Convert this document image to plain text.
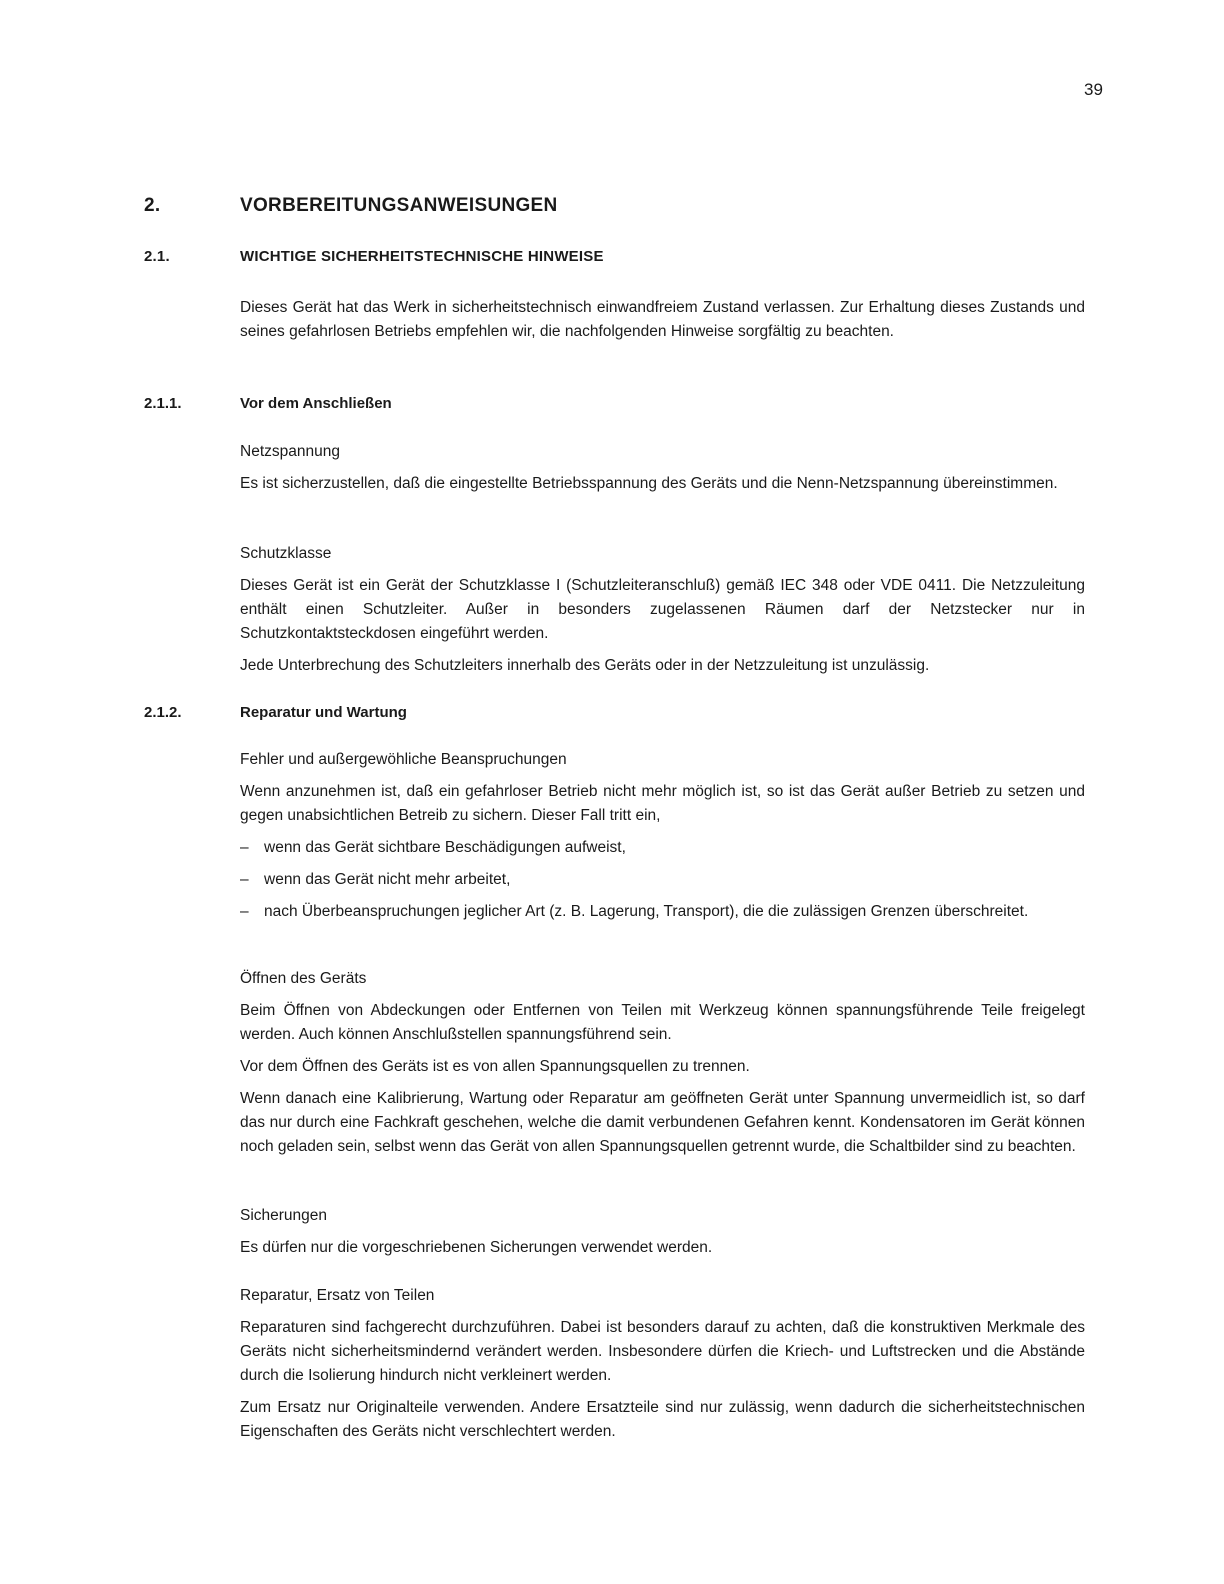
39
2.	VORBEREITUNGSANWEISUNGEN
2.1.	WICHTIGE SICHERHEITSTECHNISCHE HINWEISE

Dieses Gerät hat das Werk in sicherheitstechnisch einwandfreiem Zustand verlassen. Zur Erhaltung dieses Zustands und seines gefahrlosen Betriebs empfehlen wir, die nachfolgenden Hinweise sorgfältig zu beachten.

2.1.1.	Vor dem Anschließen

Netzspannung

Es ist sicherzustellen, daß die eingestellte Betriebsspannung des Geräts und die Nenn-Netzspannung übereinstimmen.

Schutzklasse

Dieses Gerät ist ein Gerät der Schutzklasse I (Schutzleiteranschluß) gemäß IEC 348 oder VDE 0411. Die Netzzuleitung enthält einen Schutzleiter. Außer in besonders zugelassenen Räumen darf der Netzstecker nur in Schutzkontaktsteckdosen eingeführt werden.

Jede Unterbrechung des Schutzleiters innerhalb des Geräts oder in der Netzzuleitung ist unzulässig.

2.1.2.	Reparatur und Wartung

Fehler und außergewöhliche Beanspruchungen

Wenn anzunehmen ist, daß ein gefahrloser Betrieb nicht mehr möglich ist, so ist das Gerät außer Betrieb zu setzen und gegen unabsichtlichen Betreib zu sichern. Dieser Fall tritt ein,

– wenn das Gerät sichtbare Beschädigungen aufweist,
– wenn das Gerät nicht mehr arbeitet,
– nach Überbeanspruchungen jeglicher Art (z. B. Lagerung, Transport), die die zulässigen Grenzen überschreitet.

Öffnen des Geräts

Beim Öffnen von Abdeckungen oder Entfernen von Teilen mit Werkzeug können spannungsführende Teile freigelegt werden. Auch können Anschlußstellen spannungsführend sein.

Vor dem Öffnen des Geräts ist es von allen Spannungsquellen zu trennen.

Wenn danach eine Kalibrierung, Wartung oder Reparatur am geöffneten Gerät unter Spannung unvermeidlich ist, so darf das nur durch eine Fachkraft geschehen, welche die damit verbundenen Gefahren kennt. Kondensatoren im Gerät können noch geladen sein, selbst wenn das Gerät von allen Spannungsquellen getrennt wurde, die Schaltbilder sind zu beachten.

Sicherungen

Es dürfen nur die vorgeschriebenen Sicherungen verwendet werden.

Reparatur, Ersatz von Teilen

Reparaturen sind fachgerecht durchzuführen. Dabei ist besonders darauf zu achten, daß die konstruktiven Merkmale des Geräts nicht sicherheitsmindernd verändert werden. Insbesondere dürfen die Kriech- und Luftstrecken und die Abstände durch die Isolierung hindurch nicht verkleinert werden.

Zum Ersatz nur Originalteile verwenden. Andere Ersatzteile sind nur zulässig, wenn dadurch die sicherheitstechnischen Eigenschaften des Geräts nicht verschlechtert werden.
